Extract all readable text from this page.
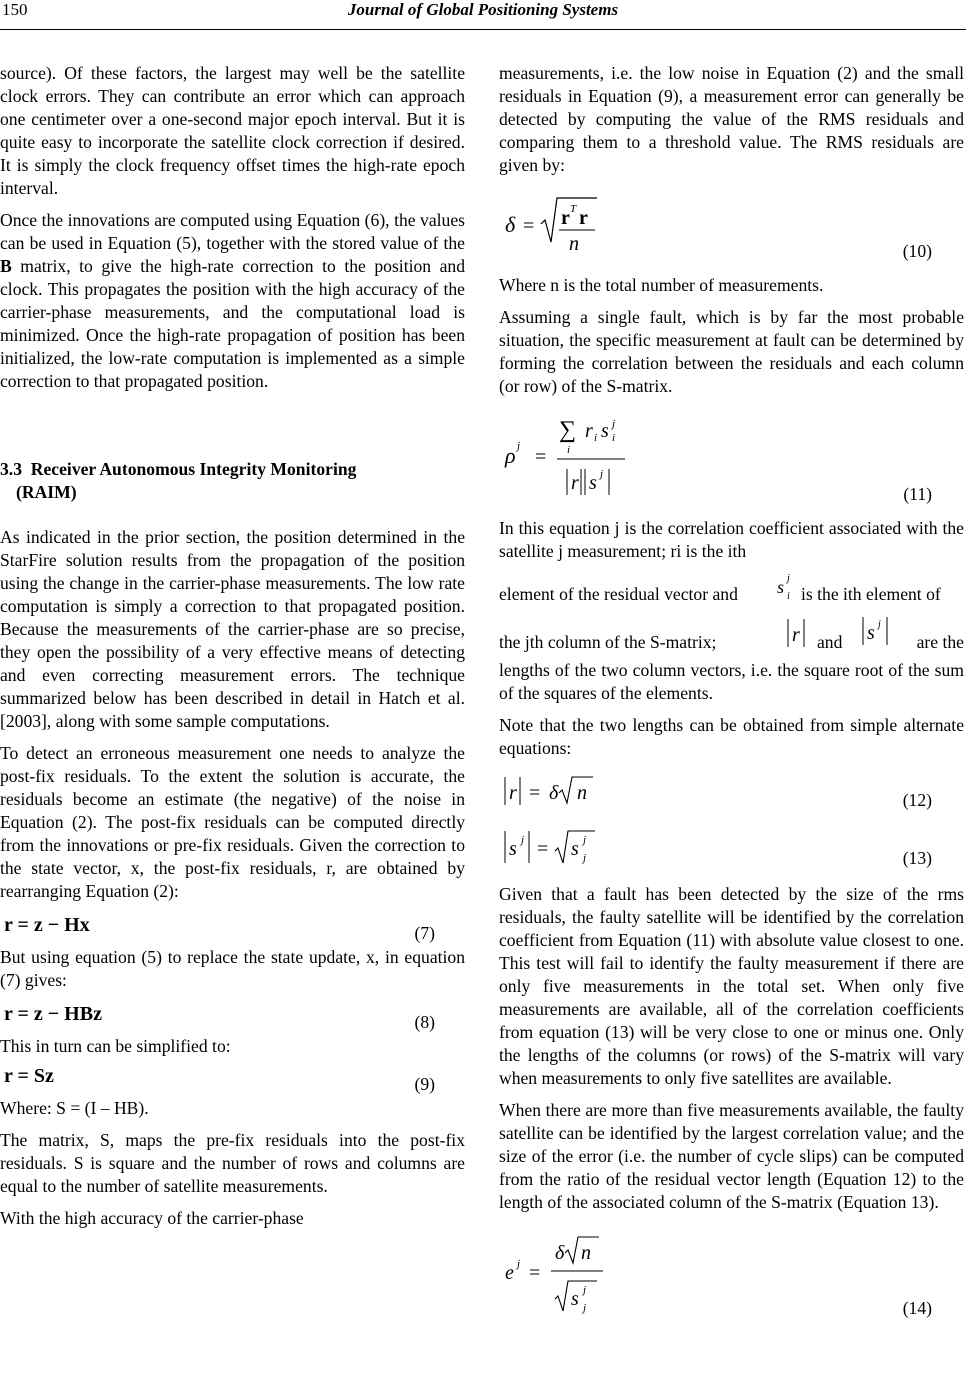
150	Journal of Global Positioning Systems

source). Of these factors, the largest may well be the satellite clock errors. They can contribute an error which can approach one centimeter over a one-second major epoch interval. But it is quite easy to incorporate the satellite clock correction if desired. It is simply the clock frequency offset times the high-rate epoch interval.

Once the innovations are computed using Equation (6), the values can be used in Equation (5), together with the stored value of the B matrix, to give the high-rate correction to the position and clock. This propagates the position with the high accuracy of the carrier-phase measurements, and the computational load is minimized. Once the high-rate propagation of position has been initialized, the low-rate computation is implemented as a simple correction to that propagated position.

3.3 Receiver Autonomous Integrity Monitoring
(RAIM)

As indicated in the prior section, the position determined in the StarFire solution results from the propagation of the position using the change in the carrier-phase measurements. The low rate computation is simply a correction to that propagated position. Because the measurements of the carrier-phase are so precise, they open the possibility of a very effective means of detecting and even correcting measurement errors. The technique summarized below has been described in detail in Hatch et al. [2003], along with some sample computations.

To detect an erroneous measurement one needs to analyze the post-fix residuals. To the extent the solution is accurate, the residuals become an estimate (the negative) of the noise in Equation (2). The post-fix residuals can be computed directly from the innovations or pre-fix residuals. Given the correction to the state vector, x, the post-fix residuals, r, are obtained by rearranging Equation (2):

r = z − Hx	(7)

But using equation (5) to replace the state update, x, in equation (7) gives:

r = z − HBz	(8)

This in turn can be simplified to:

r = Sz	(9)

Where: S = (I – HB).

The matrix, S, maps the pre-fix residuals into the post-fix residuals. S is square and the number of rows and columns are equal to the number of satellite measurements.

With the high accuracy of the carrier-phase

measurements, i.e. the low noise in Equation (2) and the small residuals in Equation (9), a measurement error can generally be detected by computing the value of the RMS residuals and comparing them to a threshold value. The RMS residuals are given by:

δ = r T r
n	(10)

Where n is the total number of measurements.

Assuming a single fault, which is by far the most probable situation, the specific measurement at fault can be determined by forming the correlation between the residuals and each column (or row) of the S-matrix.

ρ j =
∑
i
r i s i
j
r s j
(11)

In this equation j is the correlation coefficient associated with the satellite j measurement; ri is the ith

element of the residual vector and s j
i is the ith element of
the jth column of the S-matrix;	r and s j
are the

lengths of the two column vectors, i.e. the square root of the sum of the squares of the elements.

Note that the two lengths can be obtained from simple alternate equations:

r = δ n	(12)
s j = s j
j	(13)

Given that a fault has been detected by the size of the rms residuals, the faulty satellite will be identified by the correlation coefficient from Equation (11) with absolute value closest to one. This test will fail to identify the faulty measurement if there are only five measurements in the total set. When only five measurements are available, all of the correlation coefficients from equation (13) will be very close to one or minus one. Only the lengths of the columns (or rows) of the S-matrix will vary when measurements to only five satellites are available.

When there are more than five measurements available, the faulty satellite can be identified by the largest correlation value; and the size of the error (i.e. the number of cycle slips) can be computed from the ratio of the residual vector length (Equation 12) to the length of the associated column of the S-matrix (Equation 13).

e j =
δ n
s j
j	(14)
